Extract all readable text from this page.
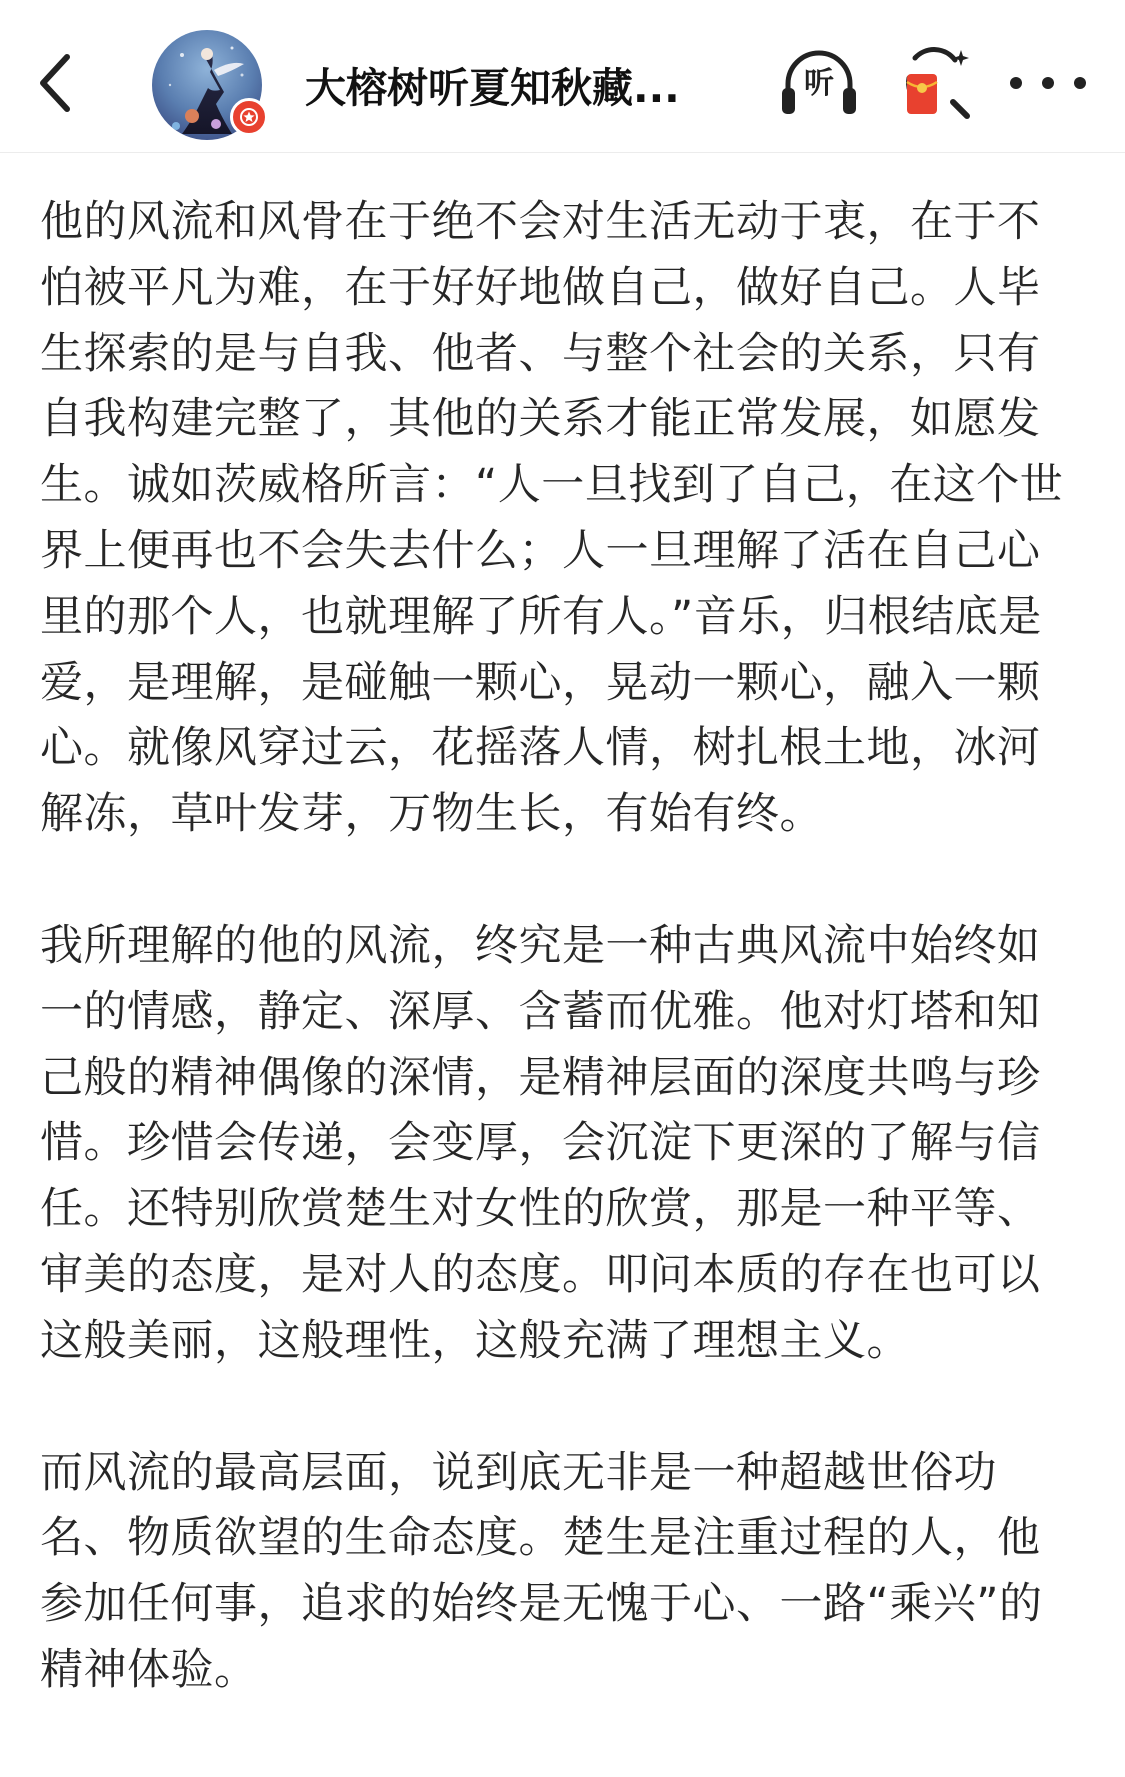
大榕树听夏知秋藏...	听

他的风流和风骨在于绝不会对生活无动于衷，在于不怕被平凡为难，在于好好地做自己，做好自己。人毕生探索的是与自我、他者、与整个社会的关系，只有自我构建完整了，其他的关系才能正常发展，如愿发生。诚如茨威格所言：“人一旦找到了自己，在这个世界上便再也不会失去什么；人一旦理解了活在自己心里的那个人，也就理解了所有人。”音乐，归根结底是爱，是理解，是碰触一颗心，晃动一颗心，融入一颗心。就像风穿过云，花摇落人情，树扎根土地，冰河解冻，草叶发芽，万物生长，有始有终。

我所理解的他的风流，终究是一种古典风流中始终如一的情感，静定、深厚、含蓄而优雅。他对灯塔和知己般的精神偶像的深情，是精神层面的深度共鸣与珍惜。珍惜会传递，会变厚，会沉淀下更深的了解与信任。还特别欣赏楚生对女性的欣赏，那是一种平等、审美的态度，是对人的态度。叩问本质的存在也可以这般美丽，这般理性，这般充满了理想主义。

而风流的最高层面，说到底无非是一种超越世俗功名、物质欲望的生命态度。楚生是注重过程的人，他参加任何事，追求的始终是无愧于心、一路“乘兴”的精神体验。
